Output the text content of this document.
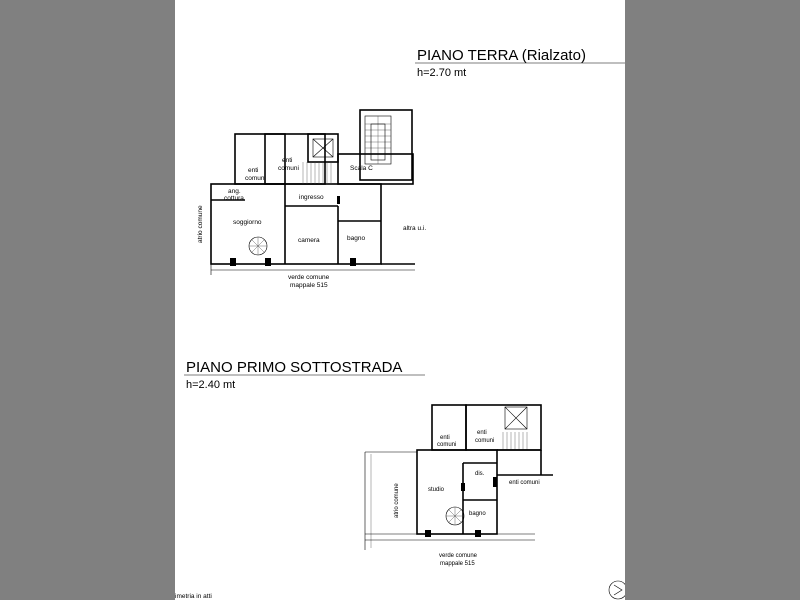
PIANO TERRA (Rialzato)
h=2.70 mt
enti
comuni
enti
comuni	Scala C
ang.
cottura	ingresso
soggiorno
camera	bagno
altra u.i.
atrio comune
verde comune
mappale 515
PIANO PRIMO SOTTOSTRADA
h=2.40 mt
enti
comuni
enti
comuni
dis.
enti comuni
studio
bagno
atrio comune
verde comune
mappale 515
imetria in atti
